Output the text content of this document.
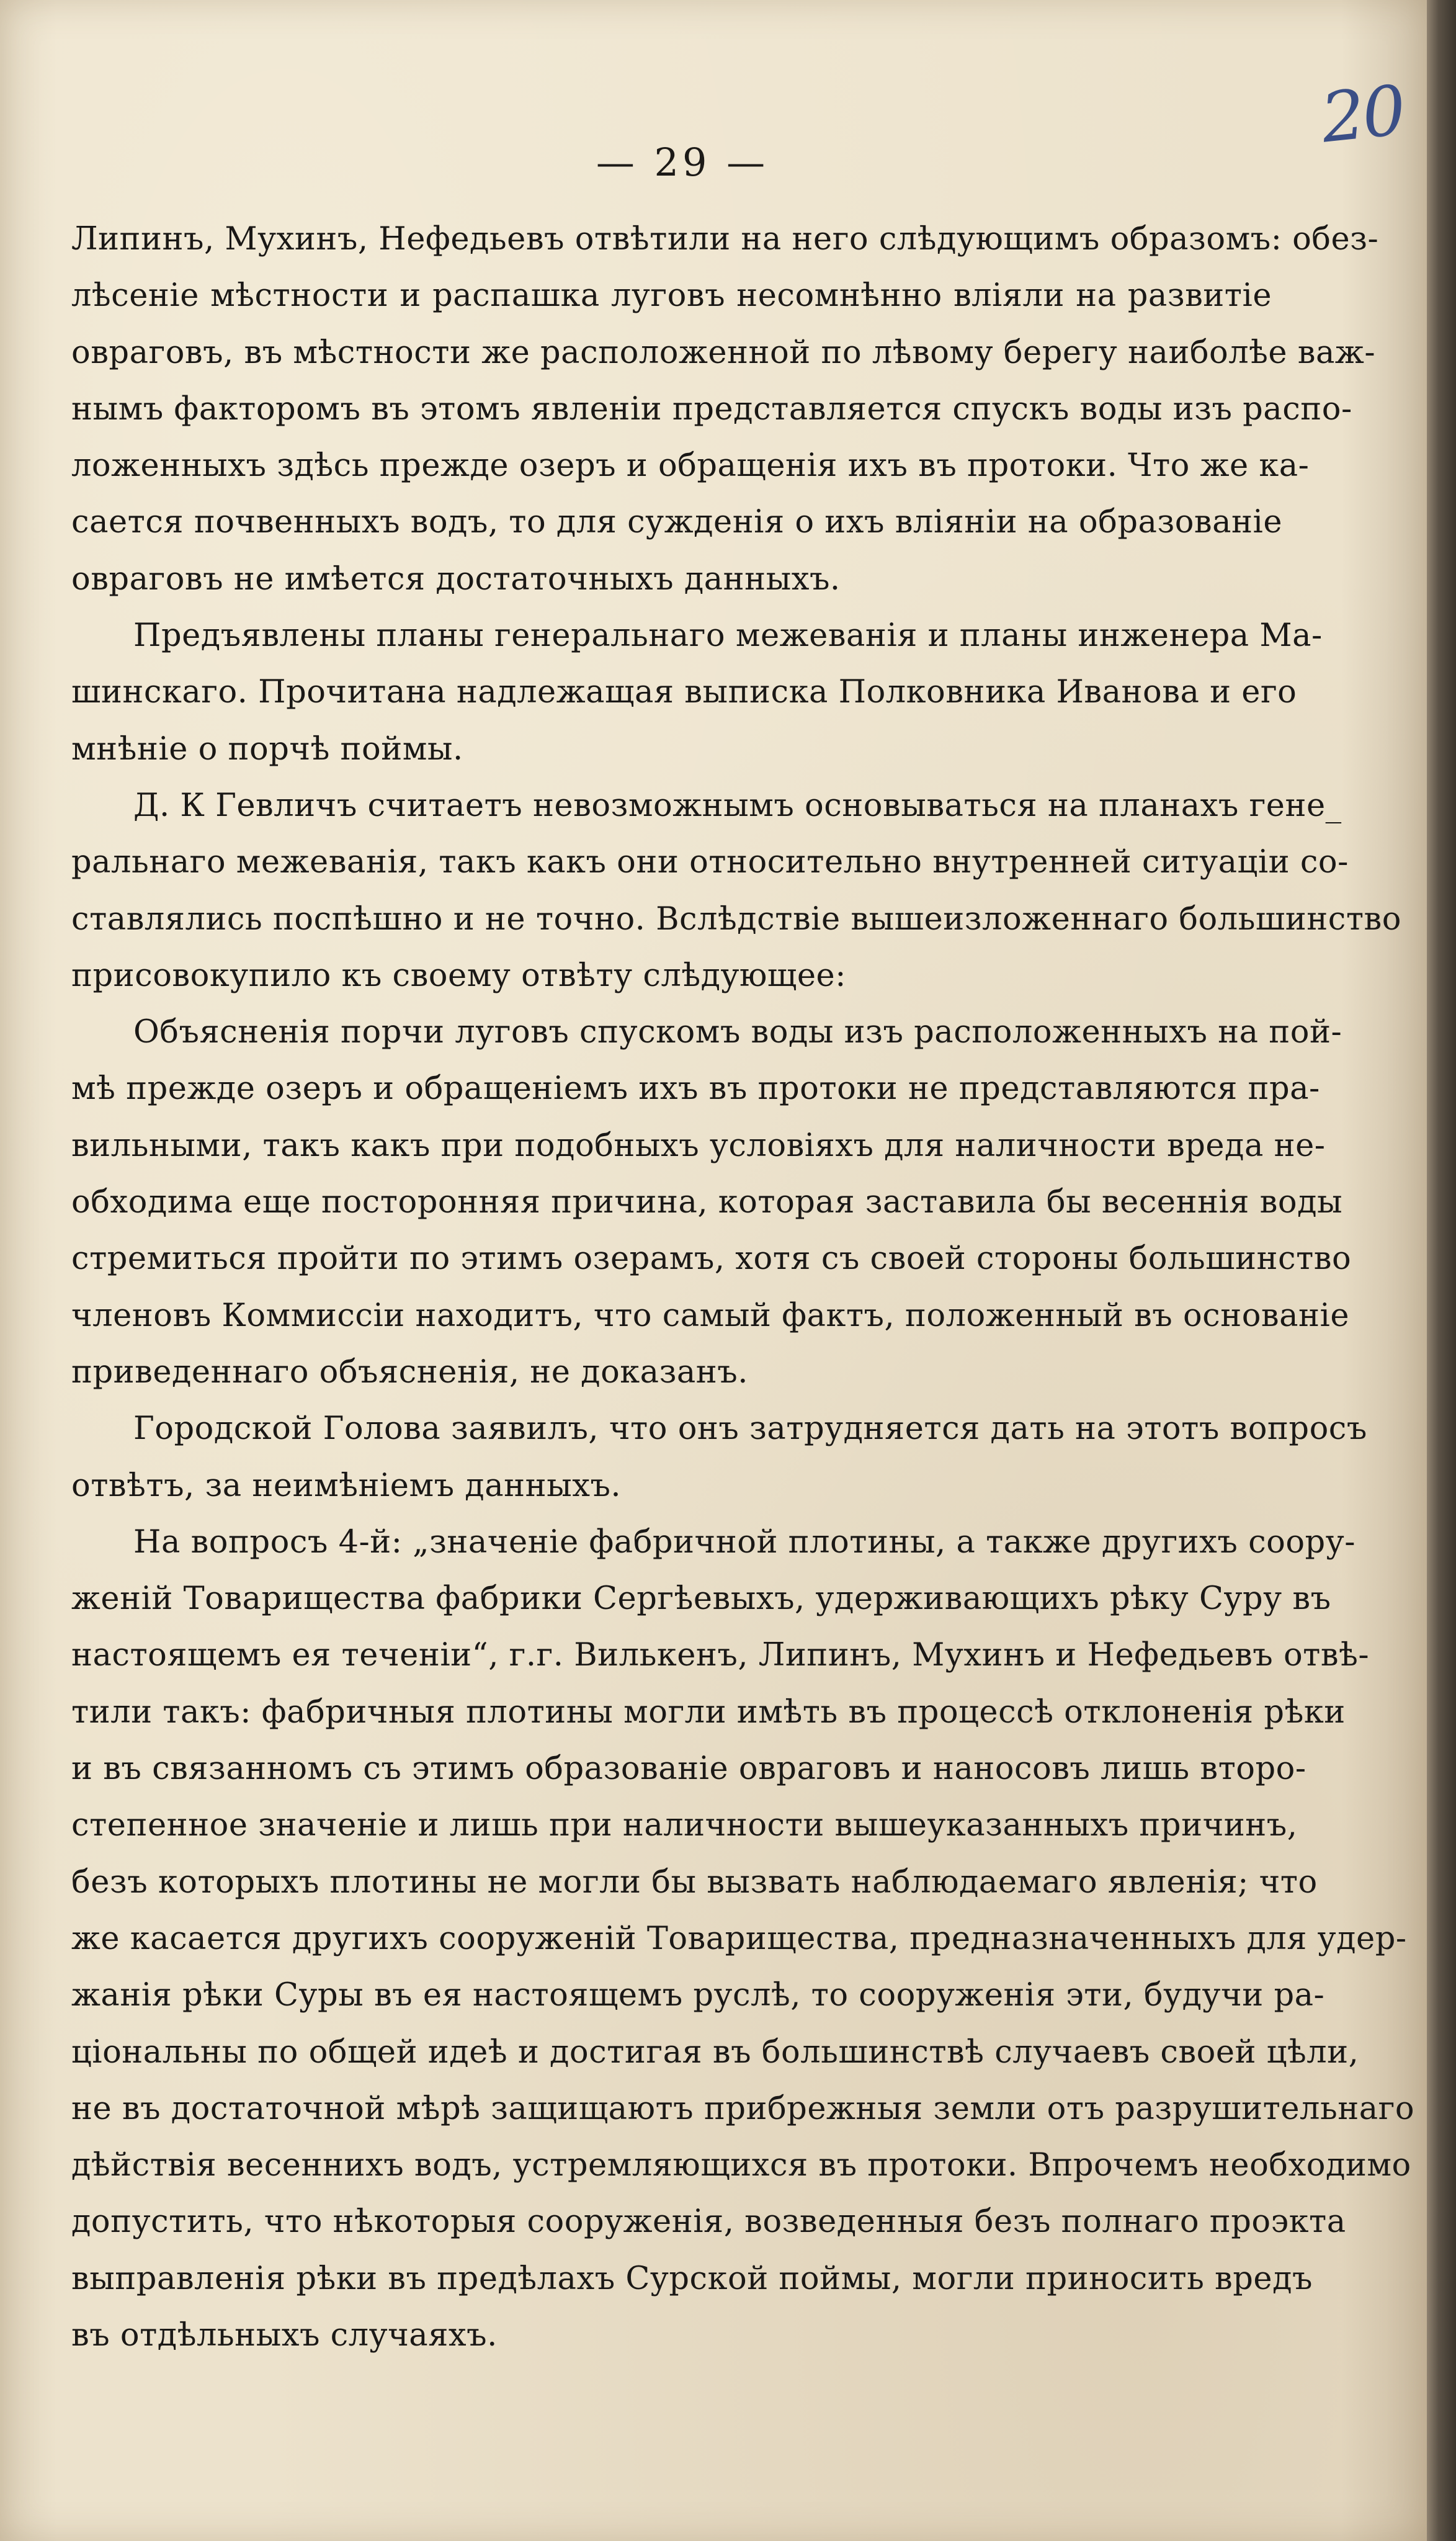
20
— 29 —
Липинъ, Мухинъ, Нефедьевъ отвѣтили на него слѣдующимъ образомъ: обез-
лѣсеніе мѣстности и распашка луговъ несомнѣнно вліяли на развитіе
овраговъ, въ мѣстности же расположенной по лѣвому берегу наиболѣе важ-
нымъ факторомъ въ этомъ явленіи представляется спускъ воды изъ распо-
ложенныхъ здѣсь прежде озеръ и обращенія ихъ въ протоки. Что же ка-
сается почвенныхъ водъ, то для сужденія о ихъ вліяніи на образованіе
овраговъ не имѣется достаточныхъ данныхъ.
Предъявлены планы генеральнаго межеванія и планы инженера Ма-
шинскаго. Прочитана надлежащая выписка Полковника Иванова и его
мнѣніе о порчѣ поймы.
Д. К Гевличъ считаетъ невозможнымъ основываться на планахъ гене_
ральнаго межеванія, такъ какъ они относительно внутренней ситуаціи со-
ставлялись поспѣшно и не точно. Вслѣдствіе вышеизложеннаго большинство
присовокупило къ своему отвѣту слѣдующее:
Объясненія порчи луговъ спускомъ воды изъ расположенныхъ на пой-
мѣ прежде озеръ и обращеніемъ ихъ въ протоки не представляются пра-
вильными, такъ какъ при подобныхъ условіяхъ для наличности вреда не-
обходима еще посторонняя причина, которая заставила бы весеннія воды
стремиться пройти по этимъ озерамъ, хотя съ своей стороны большинство
членовъ Коммиссіи находитъ, что самый фактъ, положенный въ основаніе
приведеннаго объясненія, не доказанъ.
Городской Голова заявилъ, что онъ затрудняется дать на этотъ вопросъ
отвѣтъ, за неимѣніемъ данныхъ.
На вопросъ 4-й: „значеніе фабричной плотины, а также другихъ соору-
женій Товарищества фабрики Сергѣевыхъ, удерживающихъ рѣку Суру въ
настоящемъ ея теченіи“, г.г. Вилькенъ, Липинъ, Мухинъ и Нефедьевъ отвѣ-
тили такъ: фабричныя плотины могли имѣть въ процессѣ отклоненія рѣки
и въ связанномъ съ этимъ образованіе овраговъ и наносовъ лишь второ-
степенное значеніе и лишь при наличности вышеуказанныхъ причинъ,
безъ которыхъ плотины не могли бы вызвать наблюдаемаго явленія; что
же касается другихъ сооруженій Товарищества, предназначенныхъ для удер-
жанія рѣки Суры въ ея настоящемъ руслѣ, то сооруженія эти, будучи ра-
ціональны по общей идеѣ и достигая въ большинствѣ случаевъ своей цѣли,
не въ достаточной мѣрѣ защищаютъ прибрежныя земли отъ разрушительнаго
дѣйствія весеннихъ водъ, устремляющихся въ протоки. Впрочемъ необходимо
допустить, что нѣкоторыя сооруженія, возведенныя безъ полнаго проэкта
выправленія рѣки въ предѣлахъ Сурской поймы, могли приносить вредъ
въ отдѣльныхъ случаяхъ.
